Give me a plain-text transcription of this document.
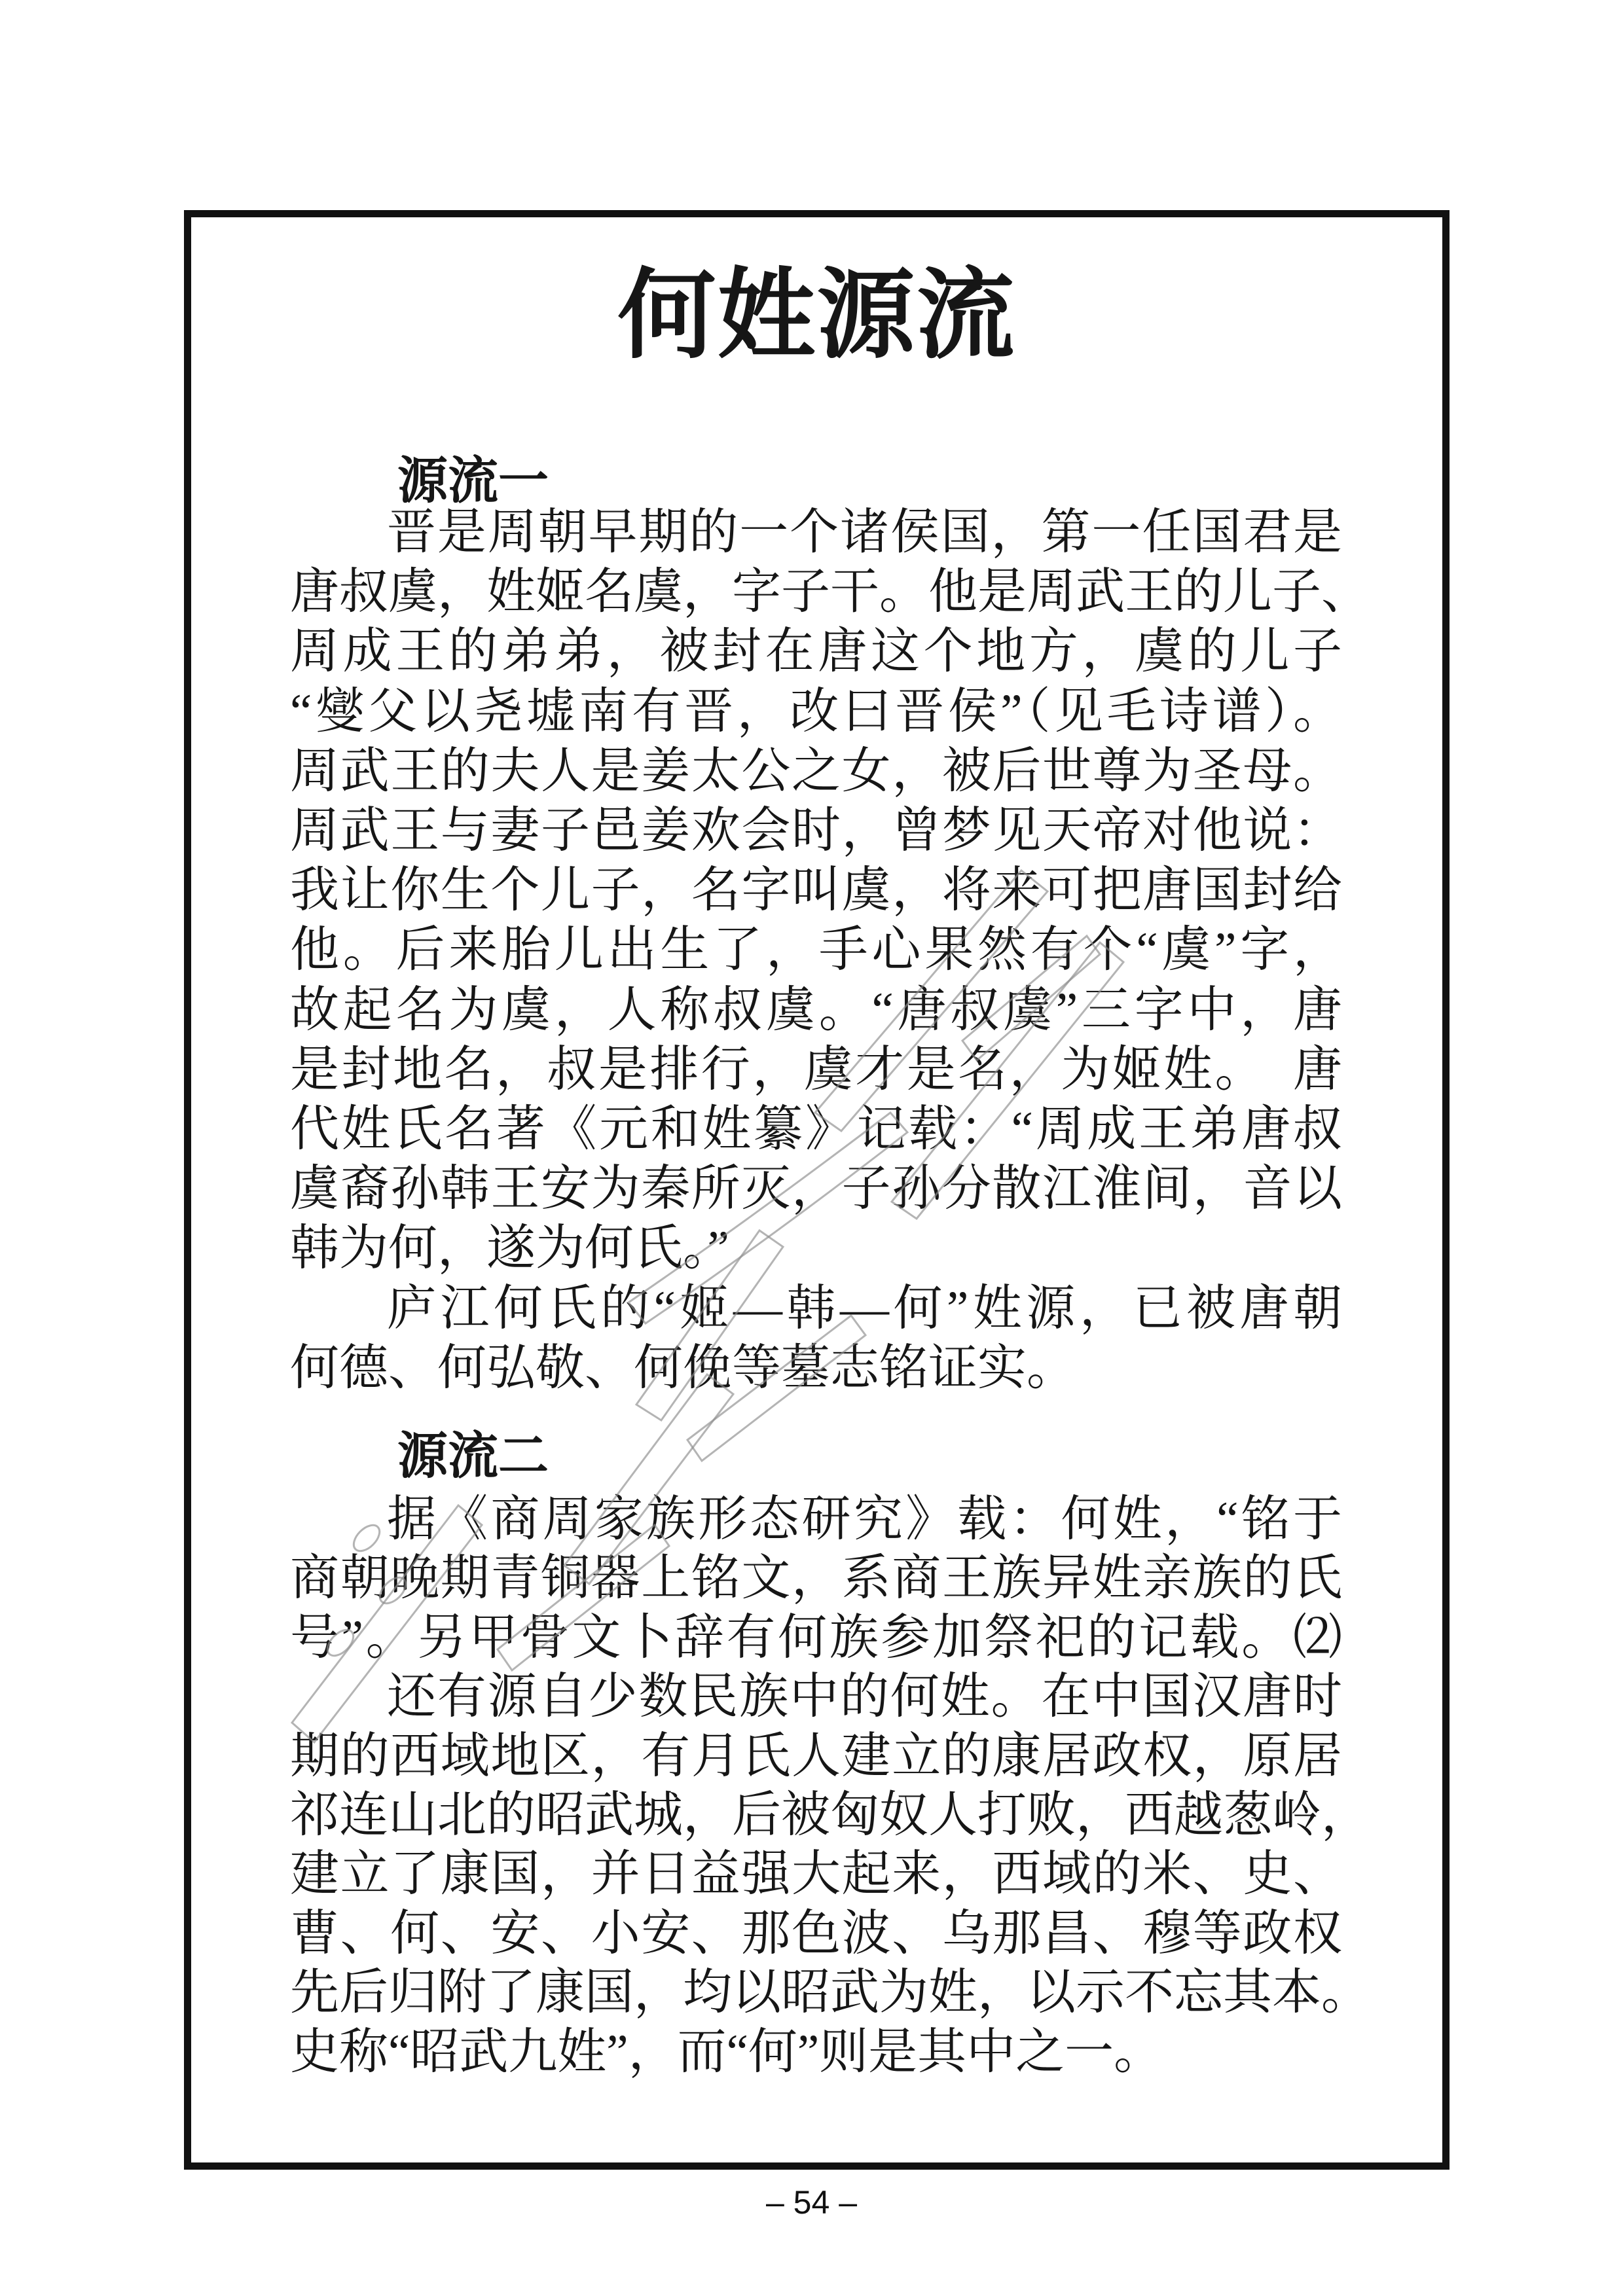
何姓源流
源流一
晋是周朝早期的一个诸侯国，第一任国君是
唐叔虞，姓姬名虞，字子干。他是周武王的儿子、
周成王的弟弟，被封在唐这个地方，虞的儿子
“燮父以尧墟南有晋，改曰晋侯”（见毛诗谱）。
周武王的夫人是姜太公之女，被后世尊为圣母。
周武王与妻子邑姜欢会时，曾梦见天帝对他说：
我让你生个儿子，名字叫虞，将来可把唐国封给
他。后来胎儿出生了，手心果然有个“虞”字，
故起名为虞，人称叔虞。“唐叔虞”三字中，唐
是封地名，叔是排行，虞才是名，为姬姓。　唐
代姓氏名著《元和姓纂》记载：“周成王弟唐叔
虞裔孙韩王安为秦所灭，子孙分散江淮间，音以
韩为何，遂为何氏。”
庐江何氏的“姬—韩—何”姓源，已被唐朝
何德、何弘敬、何俛等墓志铭证实。
源流二
据《商周家族形态研究》载：何姓，“铭于
商朝晚期青铜器上铭文，系商王族异姓亲族的氏
号”。另甲骨文卜辞有何族参加祭祀的记载。⑵
还有源自少数民族中的何姓。在中国汉唐时
期的西域地区，有月氏人建立的康居政权，原居
祁连山北的昭武城，后被匈奴人打败，西越葱岭，
建立了康国，并日益强大起来，西域的米、史、
曹、何、安、小安、那色波、乌那昌、穆等政权
先后归附了康国，均以昭武为姓，以示不忘其本。
史称“昭武九姓”，而“何”则是其中之一。
– 54 –
